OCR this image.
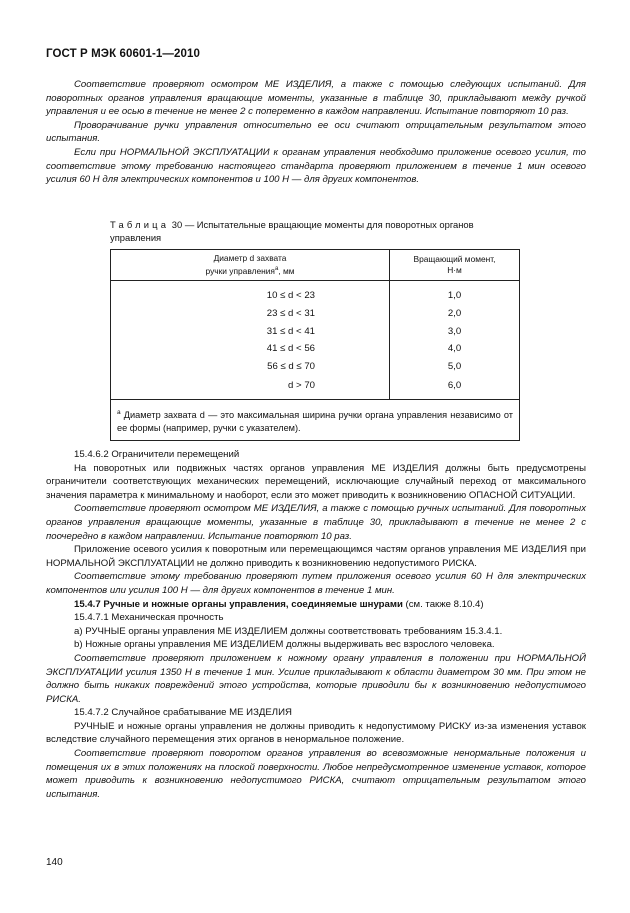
ГОСТ Р МЭК 60601-1—2010

Соответствие проверяют осмотром МЕ ИЗДЕЛИЯ, а также с помощью следующих испытаний. Для поворотных органов управления вращающие моменты, указанные в таблице 30, прикладывают между ручкой управления и ее осью в течение не менее 2 с попеременно в каждом направлении. Испытание повторяют 10 раз.

Проворачивание ручки управления относительно ее оси считают отрицательным результатом этого испытания.

Если при НОРМАЛЬНОЙ ЭКСПЛУАТАЦИИ к органам управления необходимо приложение осевого усилия, то соответствие этому требованию настоящего стандарта проверяют приложением в течение 1 мин осевого усилия 60 Н для электрических компонентов и 100 Н — для других компонентов.

Таблица 30 — Испытательные вращающие моменты для поворотных органов управления
Диаметр d захвата
ручки управления$^a$, мм	Вращающий момент,
Н·м
10 ≤ d < 23	1,0
23 ≤ d < 31	2,0
31 ≤ d < 41	3,0
41 ≤ d < 56	4,0
56 ≤ d ≤ 70	5,0
d > 70	6,0
$^a$ Диаметр захвата d — это максимальная ширина ручки органа управления независимо от ее формы (например, ручки с указателем).	

15.4.6.2 Ограничители перемещений

На поворотных или подвижных частях органов управления МЕ ИЗДЕЛИЯ должны быть предусмотрены ограничители соответствующих механических перемещений, исключающие случайный переход от максимального значения параметра к минимальному и наоборот, если это может приводить к возникновению ОПАСНОЙ СИТУАЦИИ.

Соответствие проверяют осмотром МЕ ИЗДЕЛИЯ, а также с помощью ручных испытаний. Для поворотных органов управления вращающие моменты, указанные в таблице 30, прикладывают в течение не менее 2 с поочередно в каждом направлении. Испытание повторяют 10 раз.

Приложение осевого усилия к поворотным или перемещающимся частям органов управления МЕ ИЗДЕЛИЯ при НОРМАЛЬНОЙ ЭКСПЛУАТАЦИИ не должно приводить к возникновению недопустимого РИСКА.

Соответствие этому требованию проверяют путем приложения осевого усилия 60 Н для электрических компонентов или усилия 100 Н — для других компонентов в течение 1 мин.

15.4.7 Ручные и ножные органы управления, соединяемые шнурами (см. также 8.10.4)

15.4.7.1 Механическая прочность

a) РУЧНЫЕ органы управления МЕ ИЗДЕЛИЕМ должны соответствовать требованиям 15.3.4.1.

b) Ножные органы управления МЕ ИЗДЕЛИЕМ должны выдерживать вес взрослого человека.

Соответствие проверяют приложением к ножному органу управления в положении при НОРМАЛЬНОЙ ЭКСПЛУАТАЦИИ усилия 1350 Н в течение 1 мин. Усилие прикладывают к области диаметром 30 мм. При этом не должно быть никаких повреждений этого устройства, которые приводили бы к возникновению недопустимого РИСКА.

15.4.7.2 Случайное срабатывание МЕ ИЗДЕЛИЯ

РУЧНЫЕ и ножные органы управления не должны приводить к недопустимому РИСКУ из-за изменения уставок вследствие случайного перемещения этих органов в ненормальное положение.

Соответствие проверяют поворотом органов управления во всевозможные ненормальные положения и помещения их в этих положениях на плоской поверхности. Любое непредусмотренное изменение уставок, которое может приводить к возникновению недопустимого РИСКА, считают отрицательным результатом этого испытания.

140
